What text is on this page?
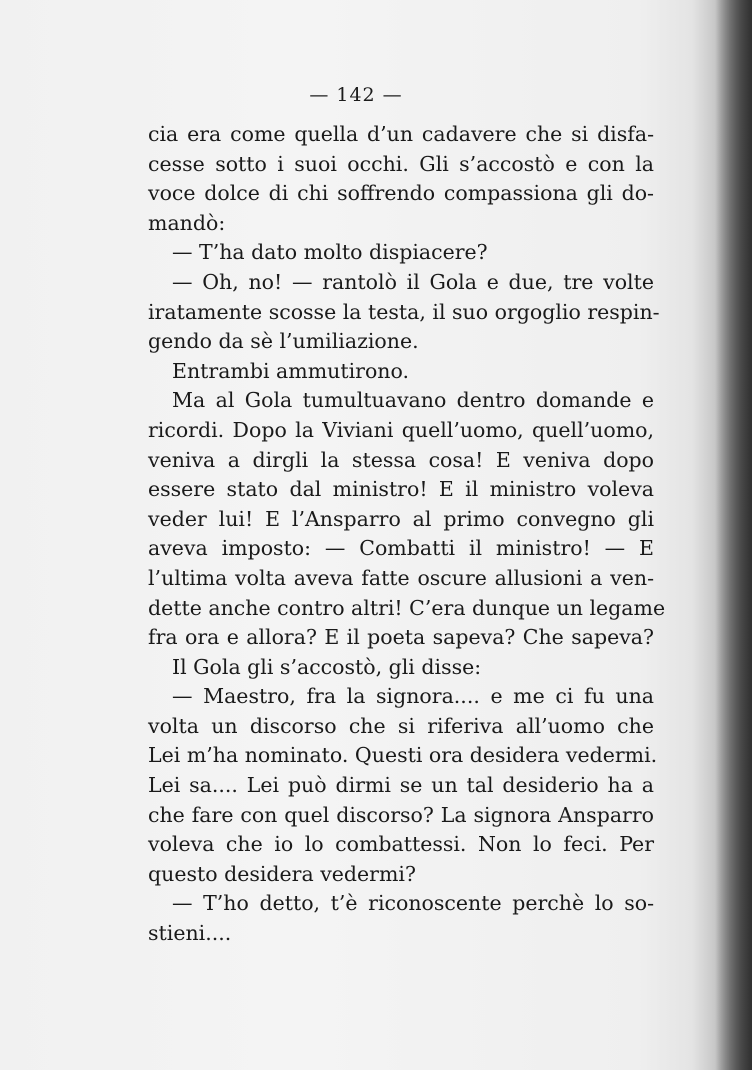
— 142 —
cia era come quella d’un cadavere che si disfa-
cesse sotto i suoi occhi. Gli s’accostò e con la
voce dolce di chi soffrendo compassiona gli do-
mandò:
— T’ha dato molto dispiacere?
— Oh, no! — rantolò il Gola e due, tre volte
iratamente scosse la testa, il suo orgoglio respin-
gendo da sè l’umiliazione.
Entrambi ammutirono.
Ma al Gola tumultuavano dentro domande e
ricordi. Dopo la Viviani quell’uomo, quell’uomo,
veniva a dirgli la stessa cosa! E veniva dopo
essere stato dal ministro! E il ministro voleva
veder lui! E l’Ansparro al primo convegno gli
aveva imposto: — Combatti il ministro! — E
l’ultima volta aveva fatte oscure allusioni a ven-
dette anche contro altri! C’era dunque un legame
fra ora e allora? E il poeta sapeva? Che sapeva?
Il Gola gli s’accostò, gli disse:
— Maestro, fra la signora.... e me ci fu una
volta un discorso che si riferiva all’uomo che
Lei m’ha nominato. Questi ora desidera vedermi.
Lei sa.... Lei può dirmi se un tal desiderio ha a
che fare con quel discorso? La signora Ansparro
voleva che io lo combattessi. Non lo feci. Per
questo desidera vedermi?
— T’ho detto, t’è riconoscente perchè lo so-
stieni....
